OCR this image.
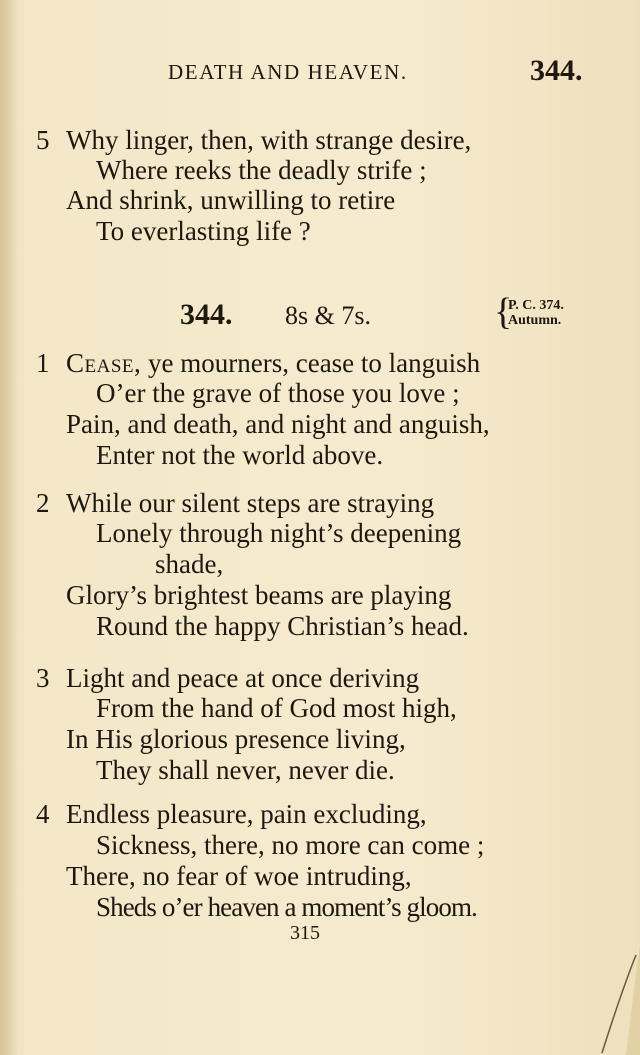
DEATH AND HEAVEN.	344.
5 Why linger, then, with strange desire,
Where reeks the deadly strife ;
And shrink, unwilling to retire
To everlasting life ?
344. 8s & 7s.	{
P. C. 374.
Autumn.
1 Cease, ye mourners, cease to languish
O’er the grave of those you love ;
Pain, and death, and night and anguish,
Enter not the world above.
2 While our silent steps are straying
Lonely through night’s deepening
shade,
Glory’s brightest beams are playing
Round the happy Christian’s head.
3 Light and peace at once deriving
From the hand of God most high,
In His glorious presence living,
They shall never, never die.
4 Endless pleasure, pain excluding,
Sickness, there, no more can come ;
There, no fear of woe intruding,
Sheds o’er heaven a moment’s gloom.
315
